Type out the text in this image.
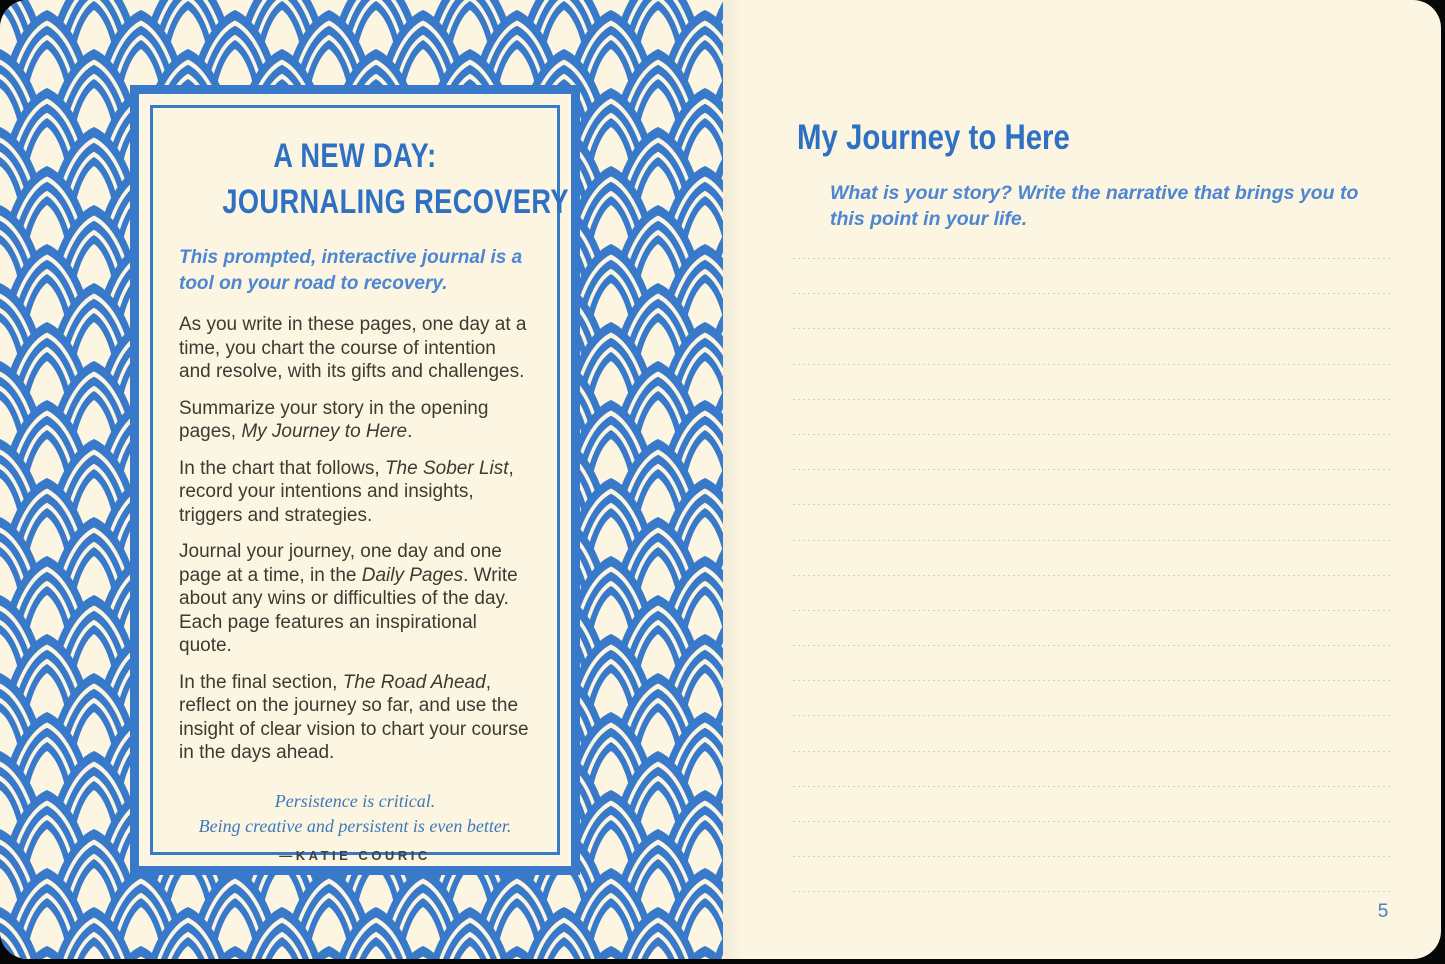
A NEW DAY:
JOURNALING RECOVERY

This prompted, interactive journal is a tool on your road to recovery.

As you write in these pages, one day at a time, you chart the course of intention and resolve, with its gifts and challenges.

Summarize your story in the opening pages, My Journey to Here.

In the chart that follows, The Sober List, record your intentions and insights, triggers and strategies.

Journal your journey, one day and one page at a time, in the Daily Pages. Write about any wins or difficulties of the day. Each page features an inspirational quote.

In the final section, The Road Ahead, reflect on the journey so far, and use the insight of clear vision to chart your course in the days ahead.

Persistence is critical.
Being creative and persistent is even better.
—KATIE COURIC
My Journey to Here

What is your story? Write the narrative that brings you to this point in your life.

5
